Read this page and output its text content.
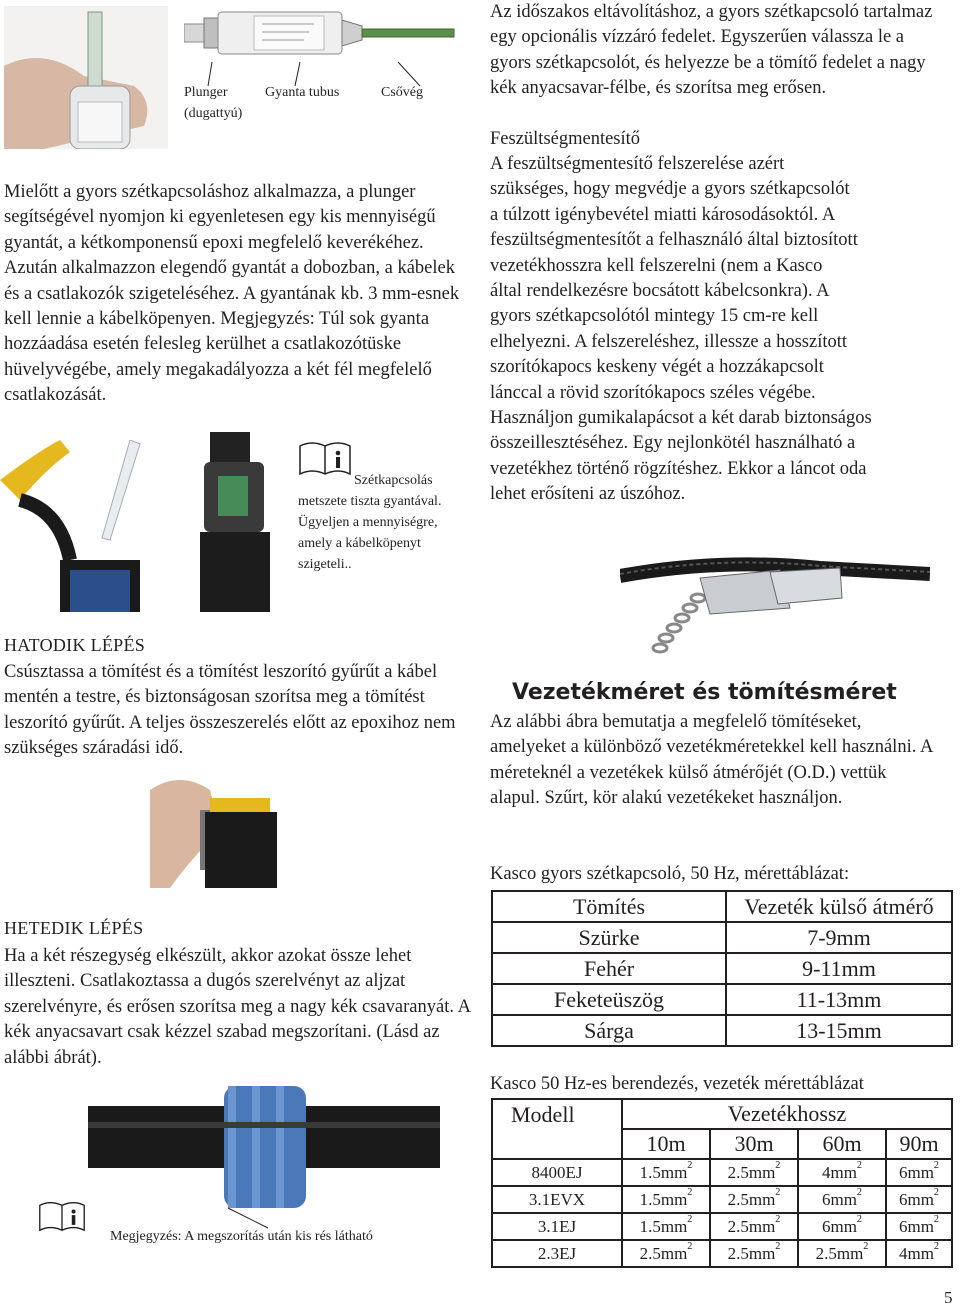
Plunger
(dugattyú)
Gyanta tubus	Csővég
Mielőtt a gyors szétkapcsoláshoz alkalmazza, a plunger segítségével nyomjon ki egyenletesen egy kis mennyiségű gyantát, a kétkomponensű epoxi megfelelő keverékéhez. Azután alkalmazzon elegendő gyantát a dobozban, a kábelek és a csatlakozók szigeteléséhez. A gyantának kb. 3 mm-esnek kell lennie a kábelköpenyen. Megjegyzés: Túl sok gyanta hozzáadása esetén felesleg kerülhet a csatlakozótüske hüvelyvégébe, amely megakadályozza a két fél megfelelő csatlakozását.
Szétkapcsolás
metszete tiszta gyantával. Ügyeljen a mennyiségre, amely a kábelköpenyt szigeteli..
HATODIK LÉPÉS
Csúsztassa a tömítést és a tömítést leszorító gyűrűt a kábel mentén a testre, és biztonságosan szorítsa meg a tömítést leszorító gyűrűt. A teljes összeszerelés előtt az epoxihoz nem szükséges száradási idő.
HETEDIK LÉPÉS
Ha a két részegység elkészült, akkor azokat össze lehet illeszteni. Csatlakoztassa a dugós szerelvényt az aljzat szerelvényre, és erősen szorítsa meg a nagy kék csavaranyát. A kék anyacsavart csak kézzel szabad megszorítani. (Lásd az alábbi ábrát).
Megjegyzés: A megszorítás után kis rés látható
Az időszakos eltávolításhoz, a gyors szétkapcsoló tartalmaz egy opcionális vízzáró fedelet. Egyszerűen válassza le a gyors szétkapcsolót, és helyezze be a tömítő fedelet a nagy kék anyacsavar-félbe, és szorítsa meg erősen.
Feszültségmentesítő
A feszültségmentesítő felszerelése azért
szükséges, hogy megvédje a gyors szétkapcsolót
a túlzott igénybevétel miatti károsodásoktól. A
feszültségmentesítőt a felhasználó által biztosított
vezetékhosszra kell felszerelni (nem a Kasco
által rendelkezésre bocsátott kábelcsonkra). A
gyors szétkapcsolótól mintegy 15 cm-re kell
elhelyezni. A felszereléshez, illessze a hosszított
szorítókapocs keskeny végét a hozzákapcsolt
lánccal a rövid szorítókapocs széles végébe.
Használjon gumikalapácsot a két darab biztonságos
összeillesztéséhez. Egy nejlonkötél használható a
vezetékhez történő rögzítéshez. Ekkor a láncot oda
lehet erősíteni az úszóhoz.
Vezetékméret és tömítésméret
Az alábbi ábra bemutatja a megfelelő tömítéseket, amelyeket a különböző vezetékméretekkel kell használni. A méreteknél a vezetékek külső átmérőjét (O.D.) vettük alapul. Szűrt, kör alakú vezetékeket használjon.
Kasco gyors szétkapcsoló, 50 Hz, mérettáblázat:
Tömítés	Vezeték külső átmérő
Szürke	7-9mm
Fehér	9-11mm
Feketeüszög	11-13mm
Sárga	13-15mm
Kasco 50 Hz-es berendezés, vezeték mérettáblázat
Modell	Vezetékhossz			
	10m	30m	60m	90m
8400EJ	$1.5mm^2$	$2.5mm^2$	$4mm^2$	$6mm^2$
3.1EVX	$1.5mm^2$	$2.5mm^2$	$6mm^2$	$6mm^2$
3.1EJ	$1.5mm^2$	$2.5mm^2$	$6mm^2$	$6mm^2$
2.3EJ	$2.5mm^2$	$2.5mm^2$	$2.5mm^2$	$4mm^2$
5
